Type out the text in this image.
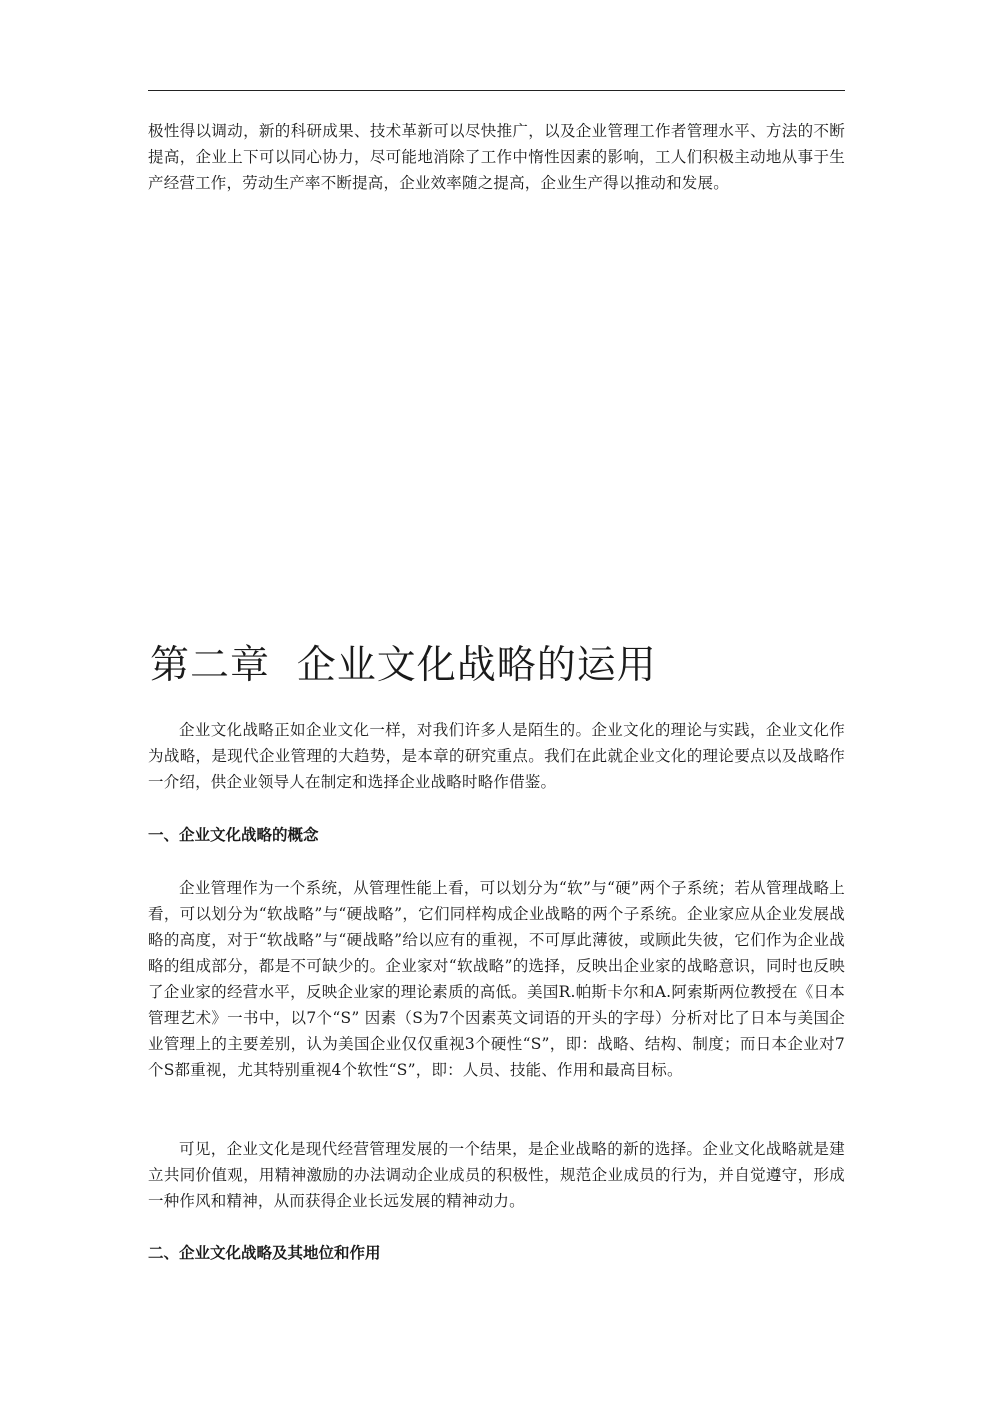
极性得以调动，新的科研成果、技术革新可以尽快推广，以及企业管理工作者管理水平、方法的不断提高，企业上下可以同心协力，尽可能地消除了工作中惰性因素的影响，工人们积极主动地从事于生产经营工作，劳动生产率不断提高，企业效率随之提高，企业生产得以推动和发展。

第二章  企业文化战略的运用

企业文化战略正如企业文化一样，对我们许多人是陌生的。企业文化的理论与实践，企业文化作为战略，是现代企业管理的大趋势，是本章的研究重点。我们在此就企业文化的理论要点以及战略作一介绍，供企业领导人在制定和选择企业战略时略作借鉴。

一、企业文化战略的概念

企业管理作为一个系统，从管理性能上看，可以划分为“软”与“硬”两个子系统；若从管理战略上看，可以划分为“软战略”与“硬战略”，它们同样构成企业战略的两个子系统。企业家应从企业发展战略的高度，对于“软战略”与“硬战略”给以应有的重视，不可厚此薄彼，或顾此失彼，它们作为企业战略的组成部分，都是不可缺少的。企业家对“软战略”的选择，反映出企业家的战略意识，同时也反映了企业家的经营水平，反映企业家的理论素质的高低。美国R.帕斯卡尔和A.阿索斯两位教授在《日本管理艺术》一书中，以7个“S” 因素（S为7个因素英文词语的开头的字母）分析对比了日本与美国企业管理上的主要差别，认为美国企业仅仅重视3个硬性“S”，即：战略、结构、制度；而日本企业对7个S都重视，尤其特别重视4个软性“S”，即：人员、技能、作用和最高目标。

可见，企业文化是现代经营管理发展的一个结果，是企业战略的新的选择。企业文化战略就是建立共同价值观，用精神激励的办法调动企业成员的积极性，规范企业成员的行为，并自觉遵守，形成一种作风和精神，从而获得企业长远发展的精神动力。

二、企业文化战略及其地位和作用
